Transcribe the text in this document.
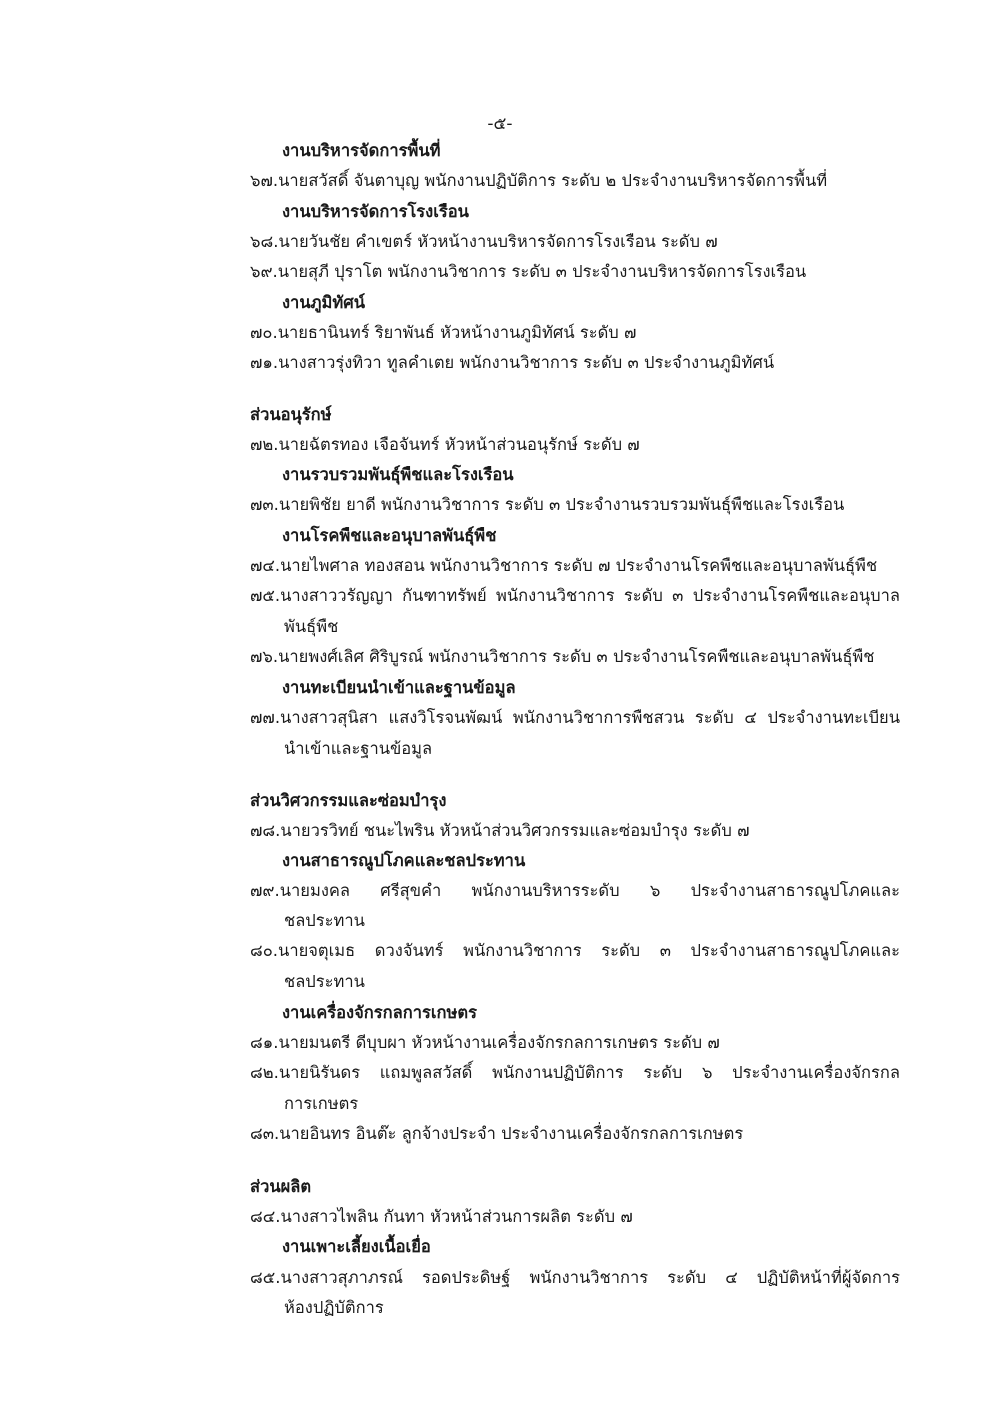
-๕-
งานบริหารจัดการพื้นที่
๖๗.นายสวัสดิ์ จันตาบุญ พนักงานปฏิบัติการ ระดับ ๒ ประจำงานบริหารจัดการพื้นที่
งานบริหารจัดการโรงเรือน
๖๘.นายวันชัย คำเขตร์ หัวหน้างานบริหารจัดการโรงเรือน ระดับ ๗
๖๙.นายสุภี ปุราโต พนักงานวิชาการ ระดับ ๓ ประจำงานบริหารจัดการโรงเรือน
งานภูมิทัศน์
๗๐.นายธานินทร์ ริยาพันธ์ หัวหน้างานภูมิทัศน์ ระดับ ๗
๗๑.นางสาวรุ่งทิวา ทูลคำเตย พนักงานวิชาการ ระดับ ๓ ประจำงานภูมิทัศน์
ส่วนอนุรักษ์
๗๒.นายฉัตรทอง เจือจันทร์ หัวหน้าส่วนอนุรักษ์ ระดับ ๗
งานรวบรวมพันธุ์พืชและโรงเรือน
๗๓.นายพิชัย ยาดี พนักงานวิชาการ ระดับ ๓ ประจำงานรวบรวมพันธุ์พืชและโรงเรือน
งานโรคพืชและอนุบาลพันธุ์พืช
๗๔.นายไพศาล ทองสอน พนักงานวิชาการ ระดับ ๗ ประจำงานโรคพืชและอนุบาลพันธุ์พืช
๗๕.นางสาววรัญญา กันฑาทรัพย์ พนักงานวิชาการ ระดับ ๓ ประจำงานโรคพืชและอนุบาล
พันธุ์พืช
๗๖.นายพงศ์เลิศ ศิริบูรณ์ พนักงานวิชาการ ระดับ ๓ ประจำงานโรคพืชและอนุบาลพันธุ์พืช
งานทะเบียนนำเข้าและฐานข้อมูล
๗๗.นางสาวสุนิสา แสงวิโรจนพัฒน์ พนักงานวิชาการพืชสวน ระดับ ๔ ประจำงานทะเบียน
นำเข้าและฐานข้อมูล
ส่วนวิศวกรรมและซ่อมบำรุง
๗๘.นายวรวิทย์ ชนะไพริน หัวหน้าส่วนวิศวกรรมและซ่อมบำรุง ระดับ ๗
งานสาธารณูปโภคและชลประทาน
๗๙.นายมงคล ศรีสุขคำ พนักงานบริหารระดับ ๖ ประจำงานสาธารณูปโภคและ
ชลประทาน
๘๐.นายจตุเมธ ดวงจันทร์ พนักงานวิชาการ ระดับ ๓ ประจำงานสาธารณูปโภคและ
ชลประทาน
งานเครื่องจักรกลการเกษตร
๘๑.นายมนตรี ดีบุบผา หัวหน้างานเครื่องจักรกลการเกษตร ระดับ ๗
๘๒.นายนิรันดร แถมพูลสวัสดิ์ พนักงานปฏิบัติการ ระดับ ๖ ประจำงานเครื่องจักรกล
การเกษตร
๘๓.นายอินทร อินต๊ะ ลูกจ้างประจำ ประจำงานเครื่องจักรกลการเกษตร
ส่วนผลิต
๘๔.นางสาวไพลิน กันทา หัวหน้าส่วนการผลิต ระดับ ๗
งานเพาะเลี้ยงเนื้อเยื่อ
๘๕.นางสาวสุภาภรณ์ รอดประดิษฐ์ พนักงานวิชาการ ระดับ ๔ ปฏิบัติหน้าที่ผู้จัดการ
ห้องปฏิบัติการ
